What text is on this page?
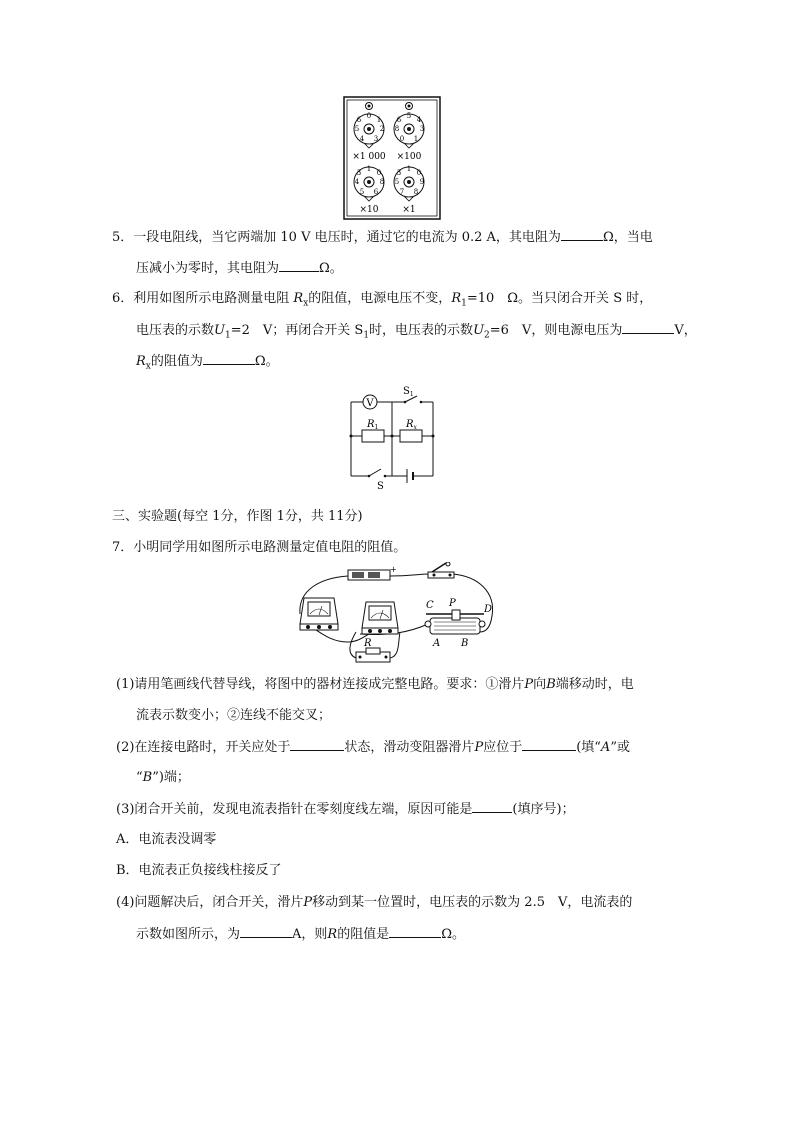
0 1
2
3
4
5
6
×1 000
5 4
3
1
0
8
6
×100
1 0
8
6
5
4
3
×10
1 0
9
8
7
5
3
×1
5．一段电阻线，当它两端加 10 V 电压时，通过它的电流为 0.2 A，其电阻为	Ω，当电
压减小为零时，其电阻为	Ω。
6．利用如图所示电路测量电阻 $R_x$的阻值，电源电压不变，$R_1=10$　Ω。当只闭合开关 S 时，
电压表的示数$U_1=2$　V；再闭合开关 $S_1$时，电压表的示数$U_2=6$　V，则电源电压为	V，
$R_x$的阻值为	Ω。
V
$S_1$
$R_1$	$R_x$
S
三、实验题(每空 1分，作图 1分，共 11分)
7．小明同学用如图所示电路测量定值电阻的阻值。
+
R
C P
D
A B
(1)请用笔画线代替导线，将图中的器材连接成完整电路。要求：①滑片P向B端移动时，电
流表示数变小；②连线不能交叉；
(2)在连接电路时，开关应处于	状态，滑动变阻器滑片P应位于	(填“A”或
“B”)端；
(3)闭合开关前，发现电流表指针在零刻度线左端，原因可能是	(填序号)；
A．电流表没调零
B．电流表正负接线柱接反了
(4)问题解决后，闭合开关，滑片P移动到某一位置时，电压表的示数为 2.5　V，电流表的
示数如图所示，为	A，则R的阻值是	Ω。
